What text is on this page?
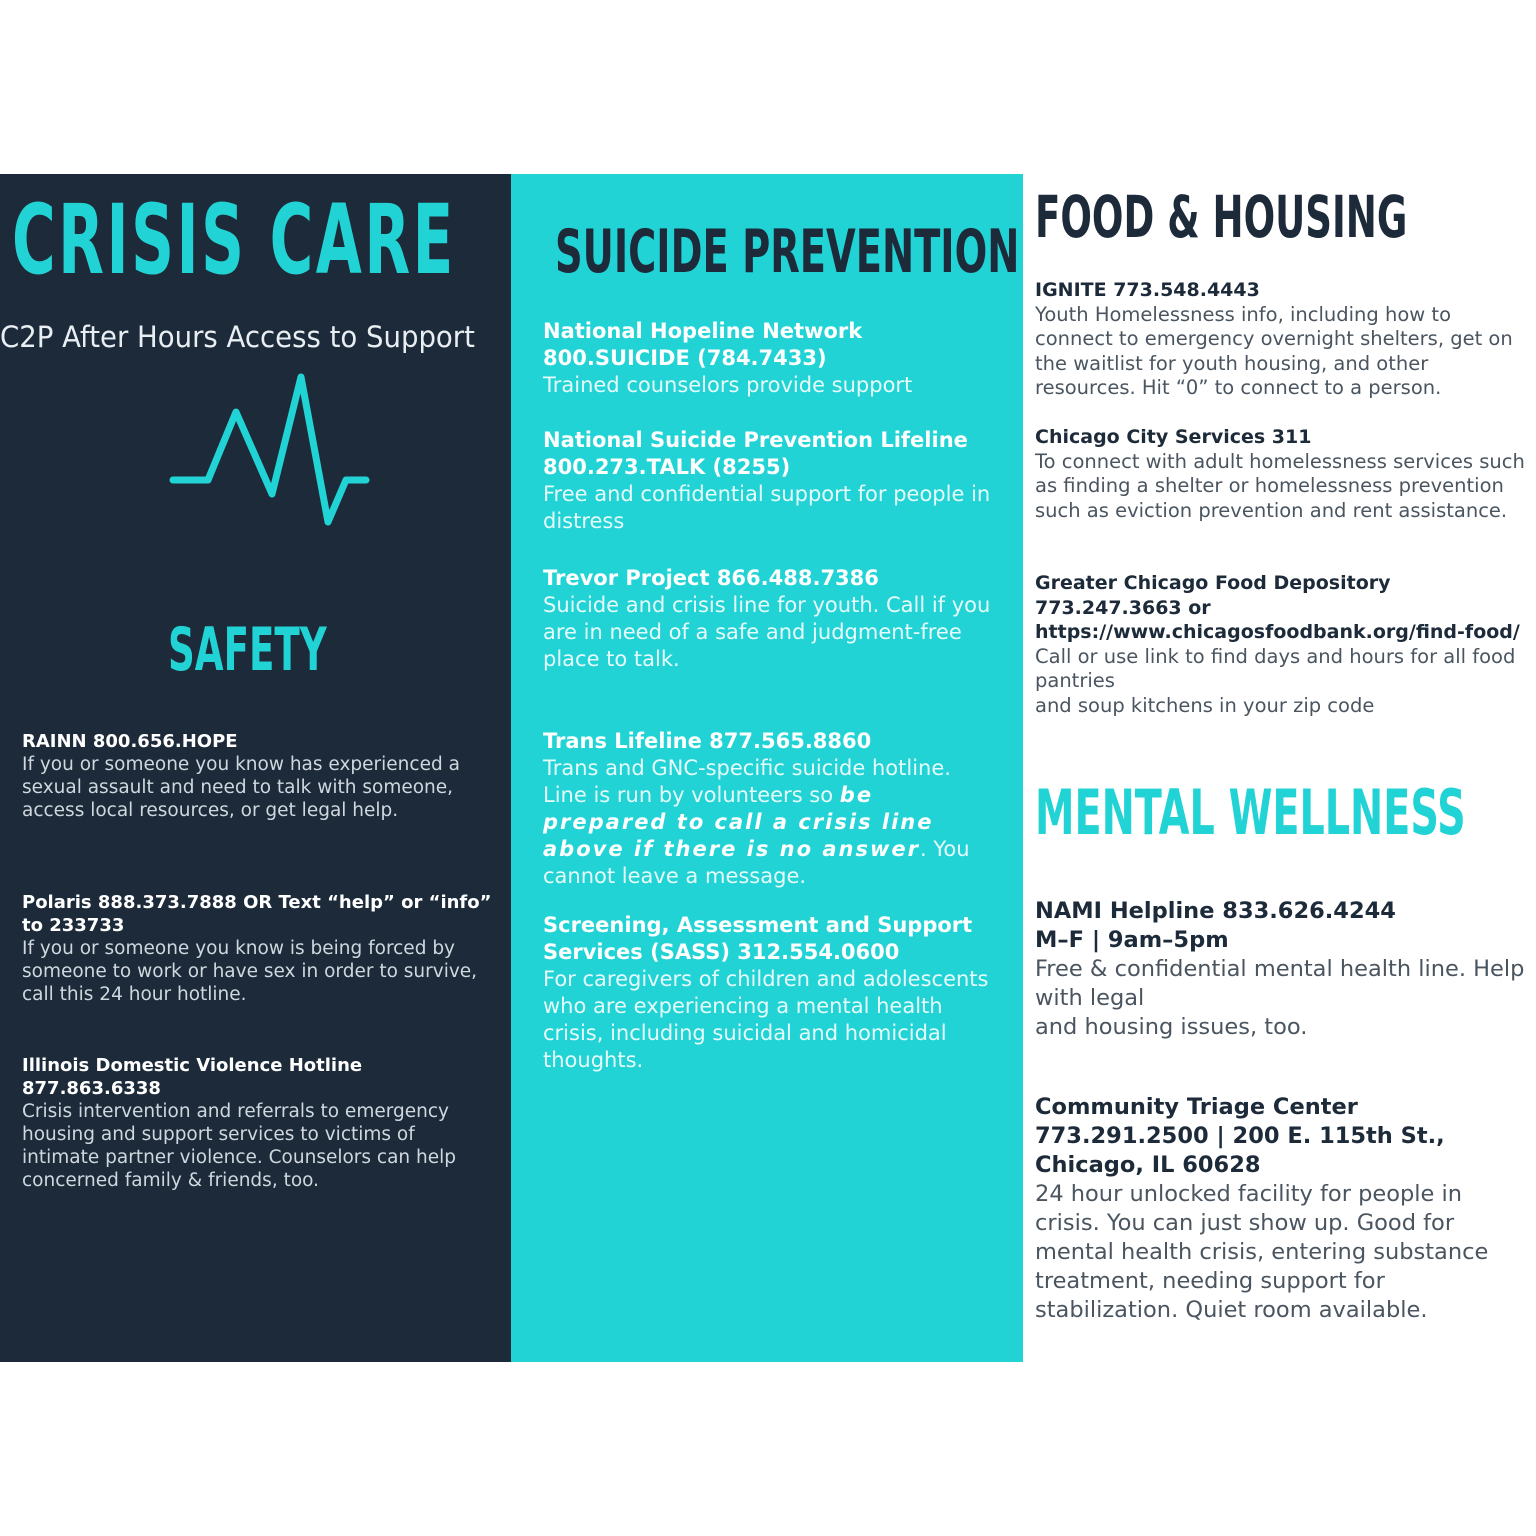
CRISIS CARE
C2P After Hours Access to Support
SAFETY
RAINN 800.656.HOPE
If you or someone you know has experienced a sexual assault and need to talk with someone, access local resources, or get legal help.
Polaris 888.373.7888 OR Text “help” or “info” to 233733
If you or someone you know is being forced by someone to work or have sex in order to survive, call this 24 hour hotline.
Illinois Domestic Violence Hotline 877.863.6338
Crisis intervention and referrals to emergency housing and support services to victims of intimate partner violence. Counselors can help concerned family & friends, too.
SUICIDE PREVENTION
National Hopeline Network
800.SUICIDE (784.7433)
Trained counselors provide support
National Suicide Prevention Lifeline
800.273.TALK (8255)
Free and confidential support for people in distress
Trevor Project 866.488.7386
Suicide and crisis line for youth. Call if you are in need of a safe and judgment-free place to talk.
Trans Lifeline 877.565.8860
Trans and GNC-specific suicide hotline. Line is run by volunteers so be prepared to call a crisis line above if there is no answer. You cannot leave a message.
Screening, Assessment and Support Services (SASS) 312.554.0600
For caregivers of children and adolescents who are experiencing a mental health crisis, including suicidal and homicidal thoughts.
FOOD & HOUSING
IGNITE 773.548.4443
Youth Homelessness info, including how to connect to emergency overnight shelters, get on the waitlist for youth housing, and other resources. Hit “0” to connect to a person.
Chicago City Services 311
To connect with adult homelessness services such as finding a shelter or homelessness prevention such as eviction prevention and rent assistance.
Greater Chicago Food Depository
773.247.3663 or
https://www.chicagosfoodbank.org/find-food/
Call or use link to find days and hours for all food pantries
and soup kitchens in your zip code
MENTAL WELLNESS
NAMI Helpline 833.626.4244
M–F | 9am–5pm
Free & confidential mental health line. Help with legal
and housing issues, too.
Community Triage Center
773.291.2500 | 200 E. 115th St.,
Chicago, IL 60628
24 hour unlocked facility for people in crisis. You can just show up. Good for mental health crisis, entering substance treatment, needing support for stabilization. Quiet room available.
